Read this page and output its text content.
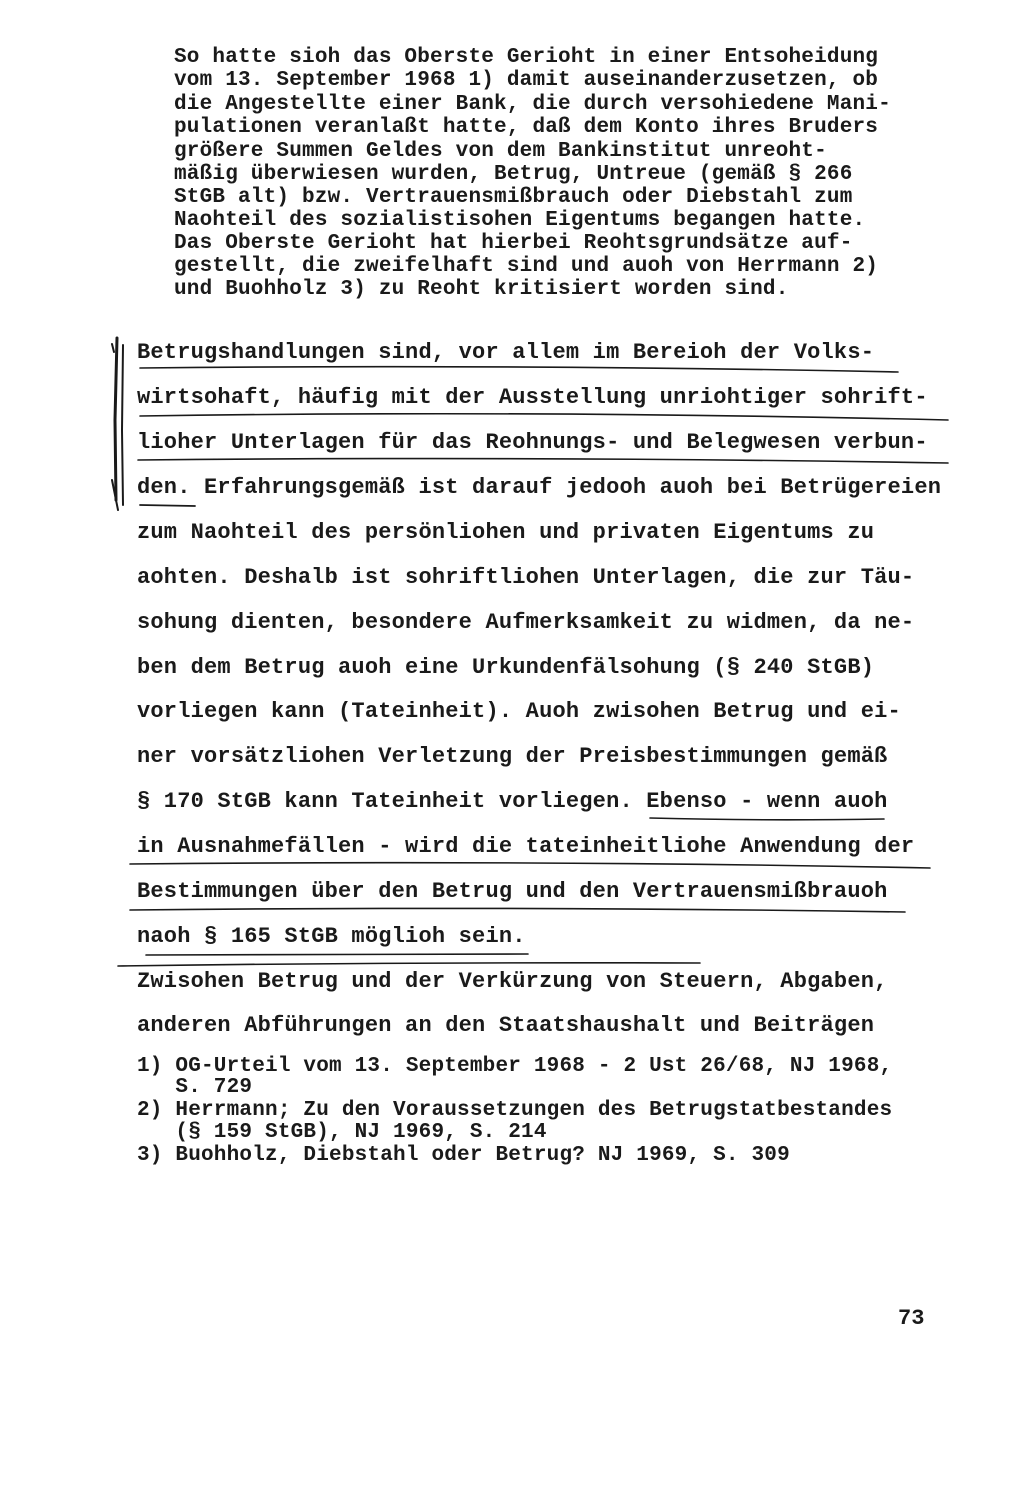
So hatte sioh das Oberste Gerioht in einer Entsoheidung
vom 13. September 1968 1) damit auseinanderzusetzen, ob
die Angestellte einer Bank, die durch versohiedene Mani-
pulationen veranlaßt hatte, daß dem Konto ihres Bruders
größere Summen Geldes von dem Bankinstitut unreoht-
mäßig überwiesen wurden, Betrug, Untreue (gemäß § 266
StGB alt) bzw. Vertrauensmißbrauch oder Diebstahl zum
Naohteil des sozialistisohen Eigentums begangen hatte.
Das Oberste Gerioht hat hierbei Reohtsgrundsätze auf-
gestellt, die zweifelhaft sind und auoh von Herrmann 2)
und Buohholz 3) zu Reoht kritisiert worden sind.
Betrugshandlungen sind, vor allem im Bereioh der Volks-
wirtsohaft, häufig mit der Ausstellung unriohtiger sohrift-
lioher Unterlagen für das Reohnungs- und Belegwesen verbun-
den. Erfahrungsgemäß ist darauf jedooh auoh bei Betrügereien
zum Naohteil des persönliohen und privaten Eigentums zu
aohten. Deshalb ist sohriftliohen Unterlagen, die zur Täu-
sohung dienten, besondere Aufmerksamkeit zu widmen, da ne-
ben dem Betrug auoh eine Urkundenfälsohung (§ 240 StGB)
vorliegen kann (Tateinheit). Auoh zwisohen Betrug und ei-
ner vorsätzliohen Verletzung der Preisbestimmungen gemäß
§ 170 StGB kann Tateinheit vorliegen. Ebenso - wenn auoh
in Ausnahmefällen - wird die tateinheitliohe Anwendung der
Bestimmungen über den Betrug und den Vertrauensmißbrauoh
naoh § 165 StGB möglioh sein.
Zwisohen Betrug und der Verkürzung von Steuern, Abgaben,
anderen Abführungen an den Staatshaushalt und Beiträgen
1) OG-Urteil vom 13. September 1968 - 2 Ust 26/68, NJ 1968,
S. 729
2) Herrmann; Zu den Voraussetzungen des Betrugstatbestandes
(§ 159 StGB), NJ 1969, S. 214
3) Buohholz, Diebstahl oder Betrug? NJ 1969, S. 309
73
